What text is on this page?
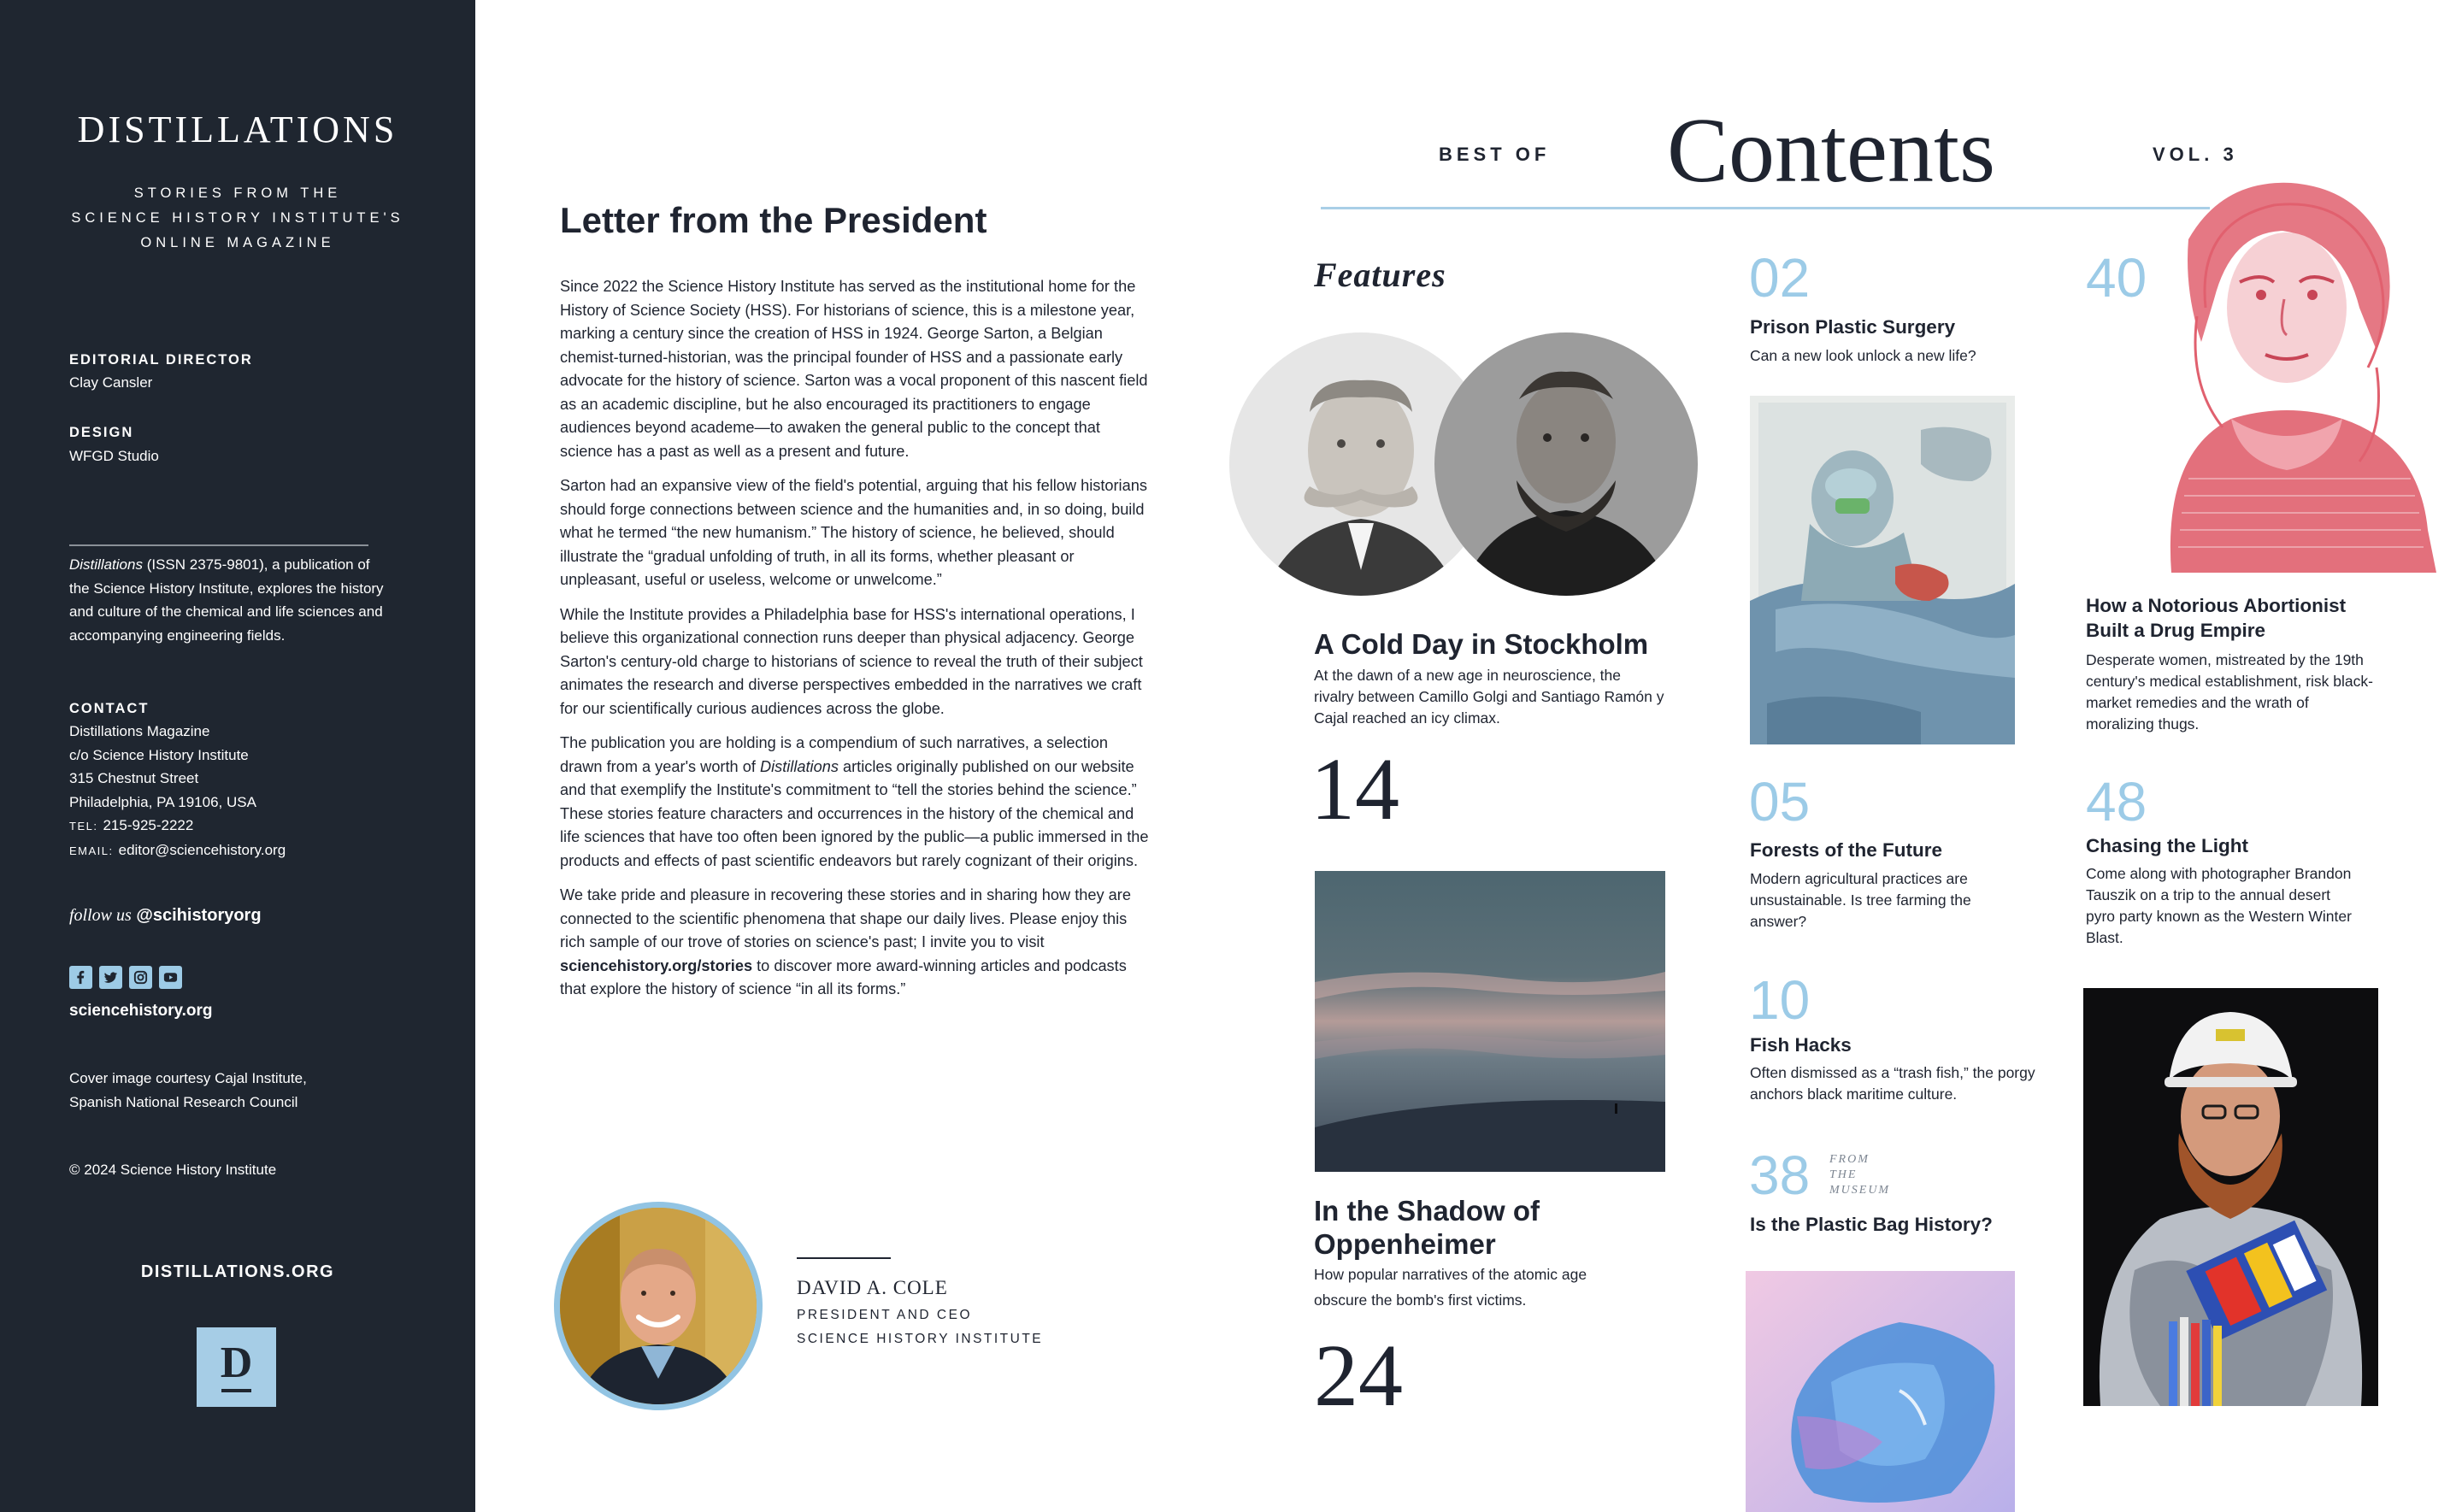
DISTILLATIONS
STORIES FROM THE
SCIENCE HISTORY INSTITUTE'S
ONLINE MAGAZINE
EDITORIAL DIRECTOR
Clay Cansler
DESIGN
WFGD Studio
Distillations (ISSN 2375-9801), a publication of the Science History Institute, explores the history and culture of the chemical and life sciences and accompanying engineering fields.
CONTACT
Distillations Magazine
c/o Science History Institute
315 Chestnut Street
Philadelphia, PA 19106, USA
TEL: 215-925-2222
EMAIL: editor@sciencehistory.org
follow us @scihistoryorg
sciencehistory.org
Cover image courtesy Cajal Institute,
Spanish National Research Council
© 2024 Science History Institute
DISTILLATIONS.ORG
D
Letter from the President

Since 2022 the Science History Institute has served as the institutional home for the History of Science Society (HSS). For historians of science, this is a milestone year, marking a century since the creation of HSS in 1924. George Sarton, a Belgian chemist-turned-historian, was the principal founder of HSS and a passionate early advocate for the history of science. Sarton was a vocal proponent of this nascent field as an academic discipline, but he also encouraged its practitioners to engage audiences beyond academe—to awaken the general public to the concept that science has a past as well as a present and future.

Sarton had an expansive view of the field's potential, arguing that his fellow historians should forge connections between science and the humanities and, in so doing, build what he termed “the new humanism.” The history of science, he believed, should illustrate the “gradual unfolding of truth, in all its forms, whether pleasant or unpleasant, useful or useless, welcome or unwelcome.”

While the Institute provides a Philadelphia base for HSS's international operations, I believe this organizational connection runs deeper than physical adjacency. George Sarton's century-old charge to historians of science to reveal the truth of their subject animates the research and diverse perspectives embedded in the narratives we craft for our scientifically curious audiences across the globe.

The publication you are holding is a compendium of such narratives, a selection drawn from a year's worth of Distillations articles originally published on our website and that exemplify the Institute's commitment to “tell the stories behind the science.” These stories feature characters and occurrences in the history of the chemical and life sciences that have too often been ignored by the public—a public immersed in the products and effects of past scientific endeavors but rarely cognizant of their origins.

We take pride and pleasure in recovering these stories and in sharing how they are connected to the scientific phenomena that shape our daily lives. Please enjoy this rich sample of our trove of stories on science's past; I invite you to visit sciencehistory.org/stories to discover more award-winning articles and podcasts that explore the history of science “in all its forms.”

DAVID A. COLE
PRESIDENT AND CEO
SCIENCE HISTORY INSTITUTE
BEST OF Contents	VOL. 3
Features
A Cold Day in Stockholm
At the dawn of a new age in neuroscience, the rivalry between Camillo Golgi and Santiago Ramón y Cajal reached an icy climax.
14
In the Shadow of Oppenheimer
How popular narratives of the atomic age obscure the bomb's first victims.
24
02
Prison Plastic Surgery
Can a new look unlock a new life?
05
Forests of the Future
Modern agricultural practices are unsustainable. Is tree farming the answer?
10
Fish Hacks
Often dismissed as a “trash fish,” the porgy anchors black maritime culture.
38 FROM
THE
MUSEUM
Is the Plastic Bag History?
40
How a Notorious Abortionist Built a Drug Empire
Desperate women, mistreated by the 19th century's medical establishment, risk black-market remedies and the wrath of moralizing thugs.
48
Chasing the Light
Come along with photographer Brandon Tauszik on a trip to the annual desert pyro party known as the Western Winter Blast.
